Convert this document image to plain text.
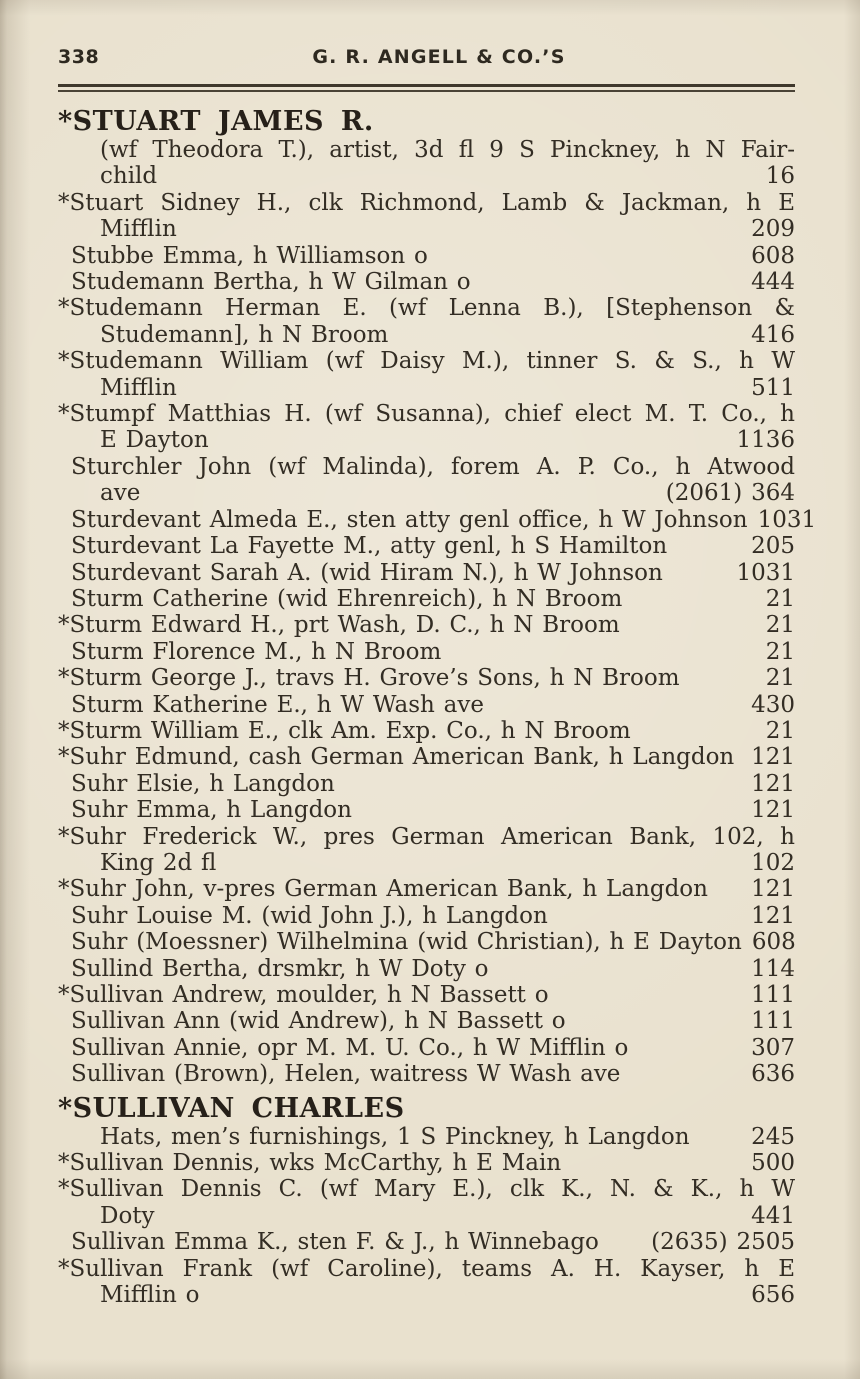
338	G. R. ANGELL & CO.’S
*STUART JAMES R.
(wf Theodora T.), artist, 3d fl 9 S Pinckney, h N Fair-
child	16
*Stuart Sidney H., clk Richmond, Lamb & Jackman, h E
Mifflin	209
Stubbe Emma, h Williamson o	608
Studemann Bertha, h W Gilman o	444
*Studemann Herman E. (wf Lenna B.), [Stephenson &
Studemann], h N Broom	416
*Studemann William (wf Daisy M.), tinner S. & S., h W
Mifflin	511
*Stumpf Matthias H. (wf Susanna), chief elect M. T. Co., h
E Dayton	1136
Sturchler John (wf Malinda), forem A. P. Co., h Atwood
ave	(2061) 364
Sturdevant Almeda E., sten atty genl office, h W Johnson 1031
Sturdevant La Fayette M., atty genl, h S Hamilton	205
Sturdevant Sarah A. (wid Hiram N.), h W Johnson	1031
Sturm Catherine (wid Ehrenreich), h N Broom	21
*Sturm Edward H., prt Wash, D. C., h N Broom	21
Sturm Florence M., h N Broom	21
*Sturm George J., travs H. Grove’s Sons, h N Broom	21
Sturm Katherine E., h W Wash ave	430
*Sturm William E., clk Am. Exp. Co., h N Broom	21
*Suhr Edmund, cash German American Bank, h Langdon 121
Suhr Elsie, h Langdon	121
Suhr Emma, h Langdon	121
*Suhr Frederick W., pres German American Bank, 102, h
King 2d fl	102
*Suhr John, v-pres German American Bank, h Langdon	121
Suhr Louise M. (wid John J.), h Langdon	121
Suhr (Moessner) Wilhelmina (wid Christian), h E Dayton 608
Sullind Bertha, drsmkr, h W Doty o	114
*Sullivan Andrew, moulder, h N Bassett o	111
Sullivan Ann (wid Andrew), h N Bassett o	111
Sullivan Annie, opr M. M. U. Co., h W Mifflin o	307
Sullivan (Brown), Helen, waitress W Wash ave	636
*SULLIVAN CHARLES
Hats, men’s furnishings, 1 S Pinckney, h Langdon	245
*Sullivan Dennis, wks McCarthy, h E Main	500
*Sullivan Dennis C. (wf Mary E.), clk K., N. & K., h W
Doty	441
Sullivan Emma K., sten F. & J., h Winnebago	(2635) 2505
*Sullivan Frank (wf Caroline), teams A. H. Kayser, h E
Mifflin o	656
